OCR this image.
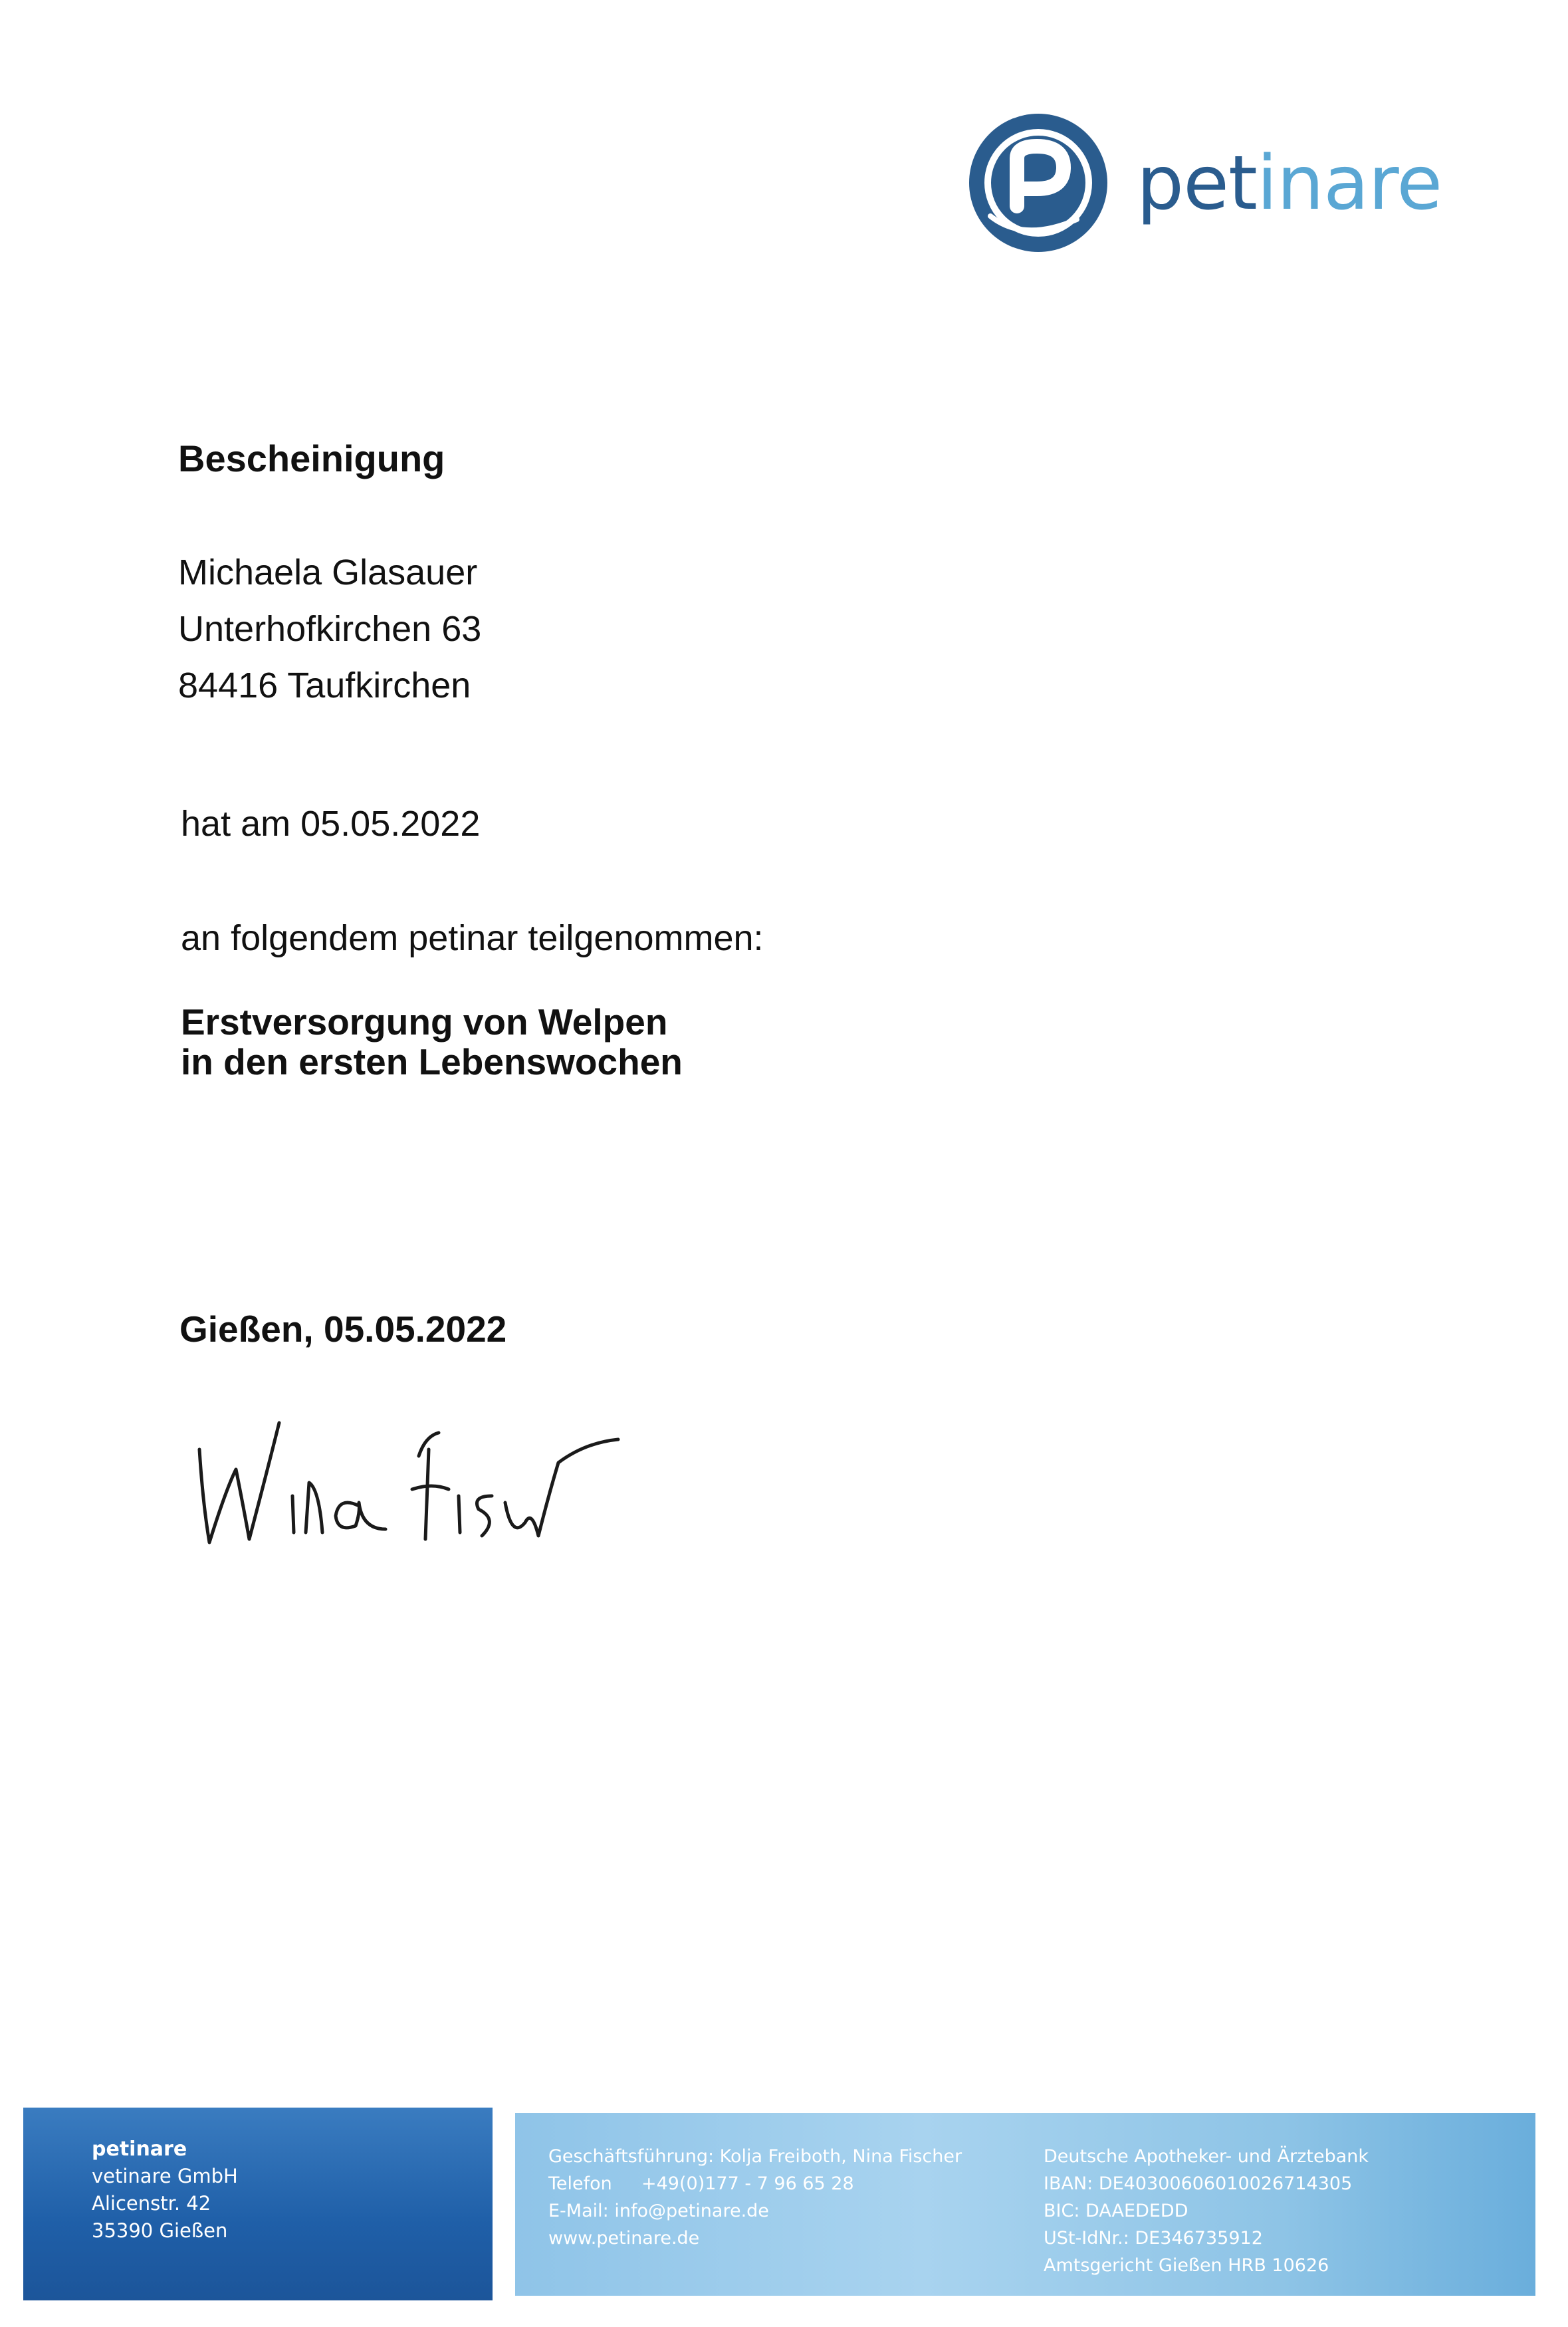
petinare
Bescheinigung
Michaela Glasauer
Unterhofkirchen 63
84416 Taufkirchen
hat am 05.05.2022
an folgendem petinar teilgenommen:
Erstversorgung von Welpen
in den ersten Lebenswochen
Gießen, 05.05.2022
petinare
vetinare GmbH
Alicenstr. 42
35390 Gießen
Geschäftsführung: Kolja Freiboth, Nina Fischer
Telefon +49(0)177 - 7 96 65 28
E-Mail: info@petinare.de
www.petinare.de
Deutsche Apotheker- und Ärztebank
IBAN: DE40300606010026714305
BIC: DAAEDEDD
USt-IdNr.: DE346735912
Amtsgericht Gießen HRB 10626
